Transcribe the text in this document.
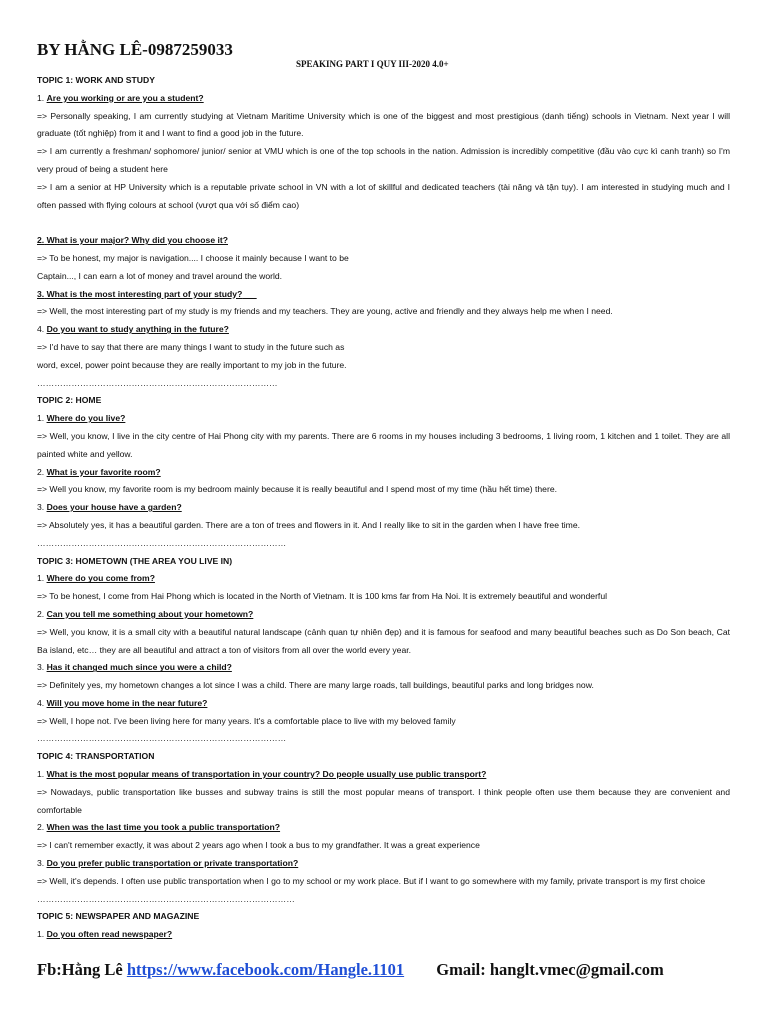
BY HẰNG LÊ-0987259033
SPEAKING PART I QUY III-2020 4.0+

TOPIC 1: WORK AND STUDY

1. Are you working or are you a student?

=> Personally speaking, I am currently studying at Vietnam Maritime University which is one of the biggest and most prestigious (danh tiếng) schools in Vietnam. Next year I will graduate (tốt nghiệp) from it and I want to find a good job in the future.

=> I am currently a freshman/ sophomore/ junior/ senior at VMU which is one of the top schools in the nation. Admission is incredibly competitive (đầu vào cực kì canh tranh) so I'm very proud of being a student here

=> I am a senior at HP University which is a reputable private school in VN with a lot of skillful and dedicated teachers (tài năng và tận tụy). I am interested in studying much and I often passed with flying colours at school (vượt qua với số điểm cao)

2. What is your major? Why did you choose it?

=> To be honest, my major is navigation.... I choose it mainly because I want to be

Captain..., I can earn a lot of money and travel around the world.

3. What is the most interesting part of your study?

=> Well, the most interesting part of my study is my friends and my teachers. They are young, active and friendly and they always help me when I need.

4. Do you want to study anything in the future?

=> I'd have to say that there are many things I want to study in the future such as

word, excel, power point because they are really important to my job in the future.

…………………………………………………………………………

TOPIC 2: HOME

1. Where do you live?

=> Well, you know, I live in the city centre of Hai Phong city with my parents. There are 6 rooms in my houses including 3 bedrooms, 1 living room, 1 kitchen and 1 toilet. They are all painted white and yellow.

2. What is your favorite room?

=> Well you know, my favorite room is my bedroom mainly because it is really beautiful and I spend most of my time (hầu hết time) there.

3. Does your house have a garden?

=> Absolutely yes, it has a beautiful garden. There are a ton of trees and flowers in it. And I really like to sit in the garden when I have free time.

……………………………………………………………………………

TOPIC 3: HOMETOWN (THE AREA YOU LIVE IN)

1. Where do you come from?

=> To be honest, I come from Hai Phong which is located in the North of Vietnam. It is 100 kms far from Ha Noi. It is extremely beautiful and wonderful

2. Can you tell me something about your hometown?

=> Well, you know, it is a small city with a beautiful natural landscape (cảnh quan tự nhiên đẹp) and it is famous for seafood and many beautiful beaches such as Do Son beach, Cat Ba island, etc… they are all beautiful and attract a ton of visitors from all over the world every year.

3. Has it changed much since you were a child?

=> Definitely yes, my hometown changes a lot since I was a child. There are many large roads, tall buildings, beautiful parks and long bridges now.

4. Will you move home in the near future?

=> Well, I hope not. I've been living here for many years. It's a comfortable place to live with my beloved family

……………………………………………………………………………

TOPIC 4: TRANSPORTATION

1. What is the most popular means of transportation in your country? Do people usually use public transport?

=> Nowadays, public transportation like busses and subway trains is still the most popular means of transport. I think people often use them because they are convenient and comfortable

2. When was the last time you took a public transportation?

=> I can't remember exactly, it was about 2 years ago when I took a bus to my grandfather. It was a great experience

3. Do you prefer public transportation or private transportation?

=> Well, it's depends. I often use public transportation when I go to my school or my work place. But if I want to go somewhere with my family, private transport is my first choice

………………………………………………………………………………

TOPIC 5: NEWSPAPER AND MAGAZINE

1. Do you often read newspaper?

Fb:Hằng Lê https://www.facebook.com/Hangle.1101 Gmail: hanglt.vmec@gmail.com
